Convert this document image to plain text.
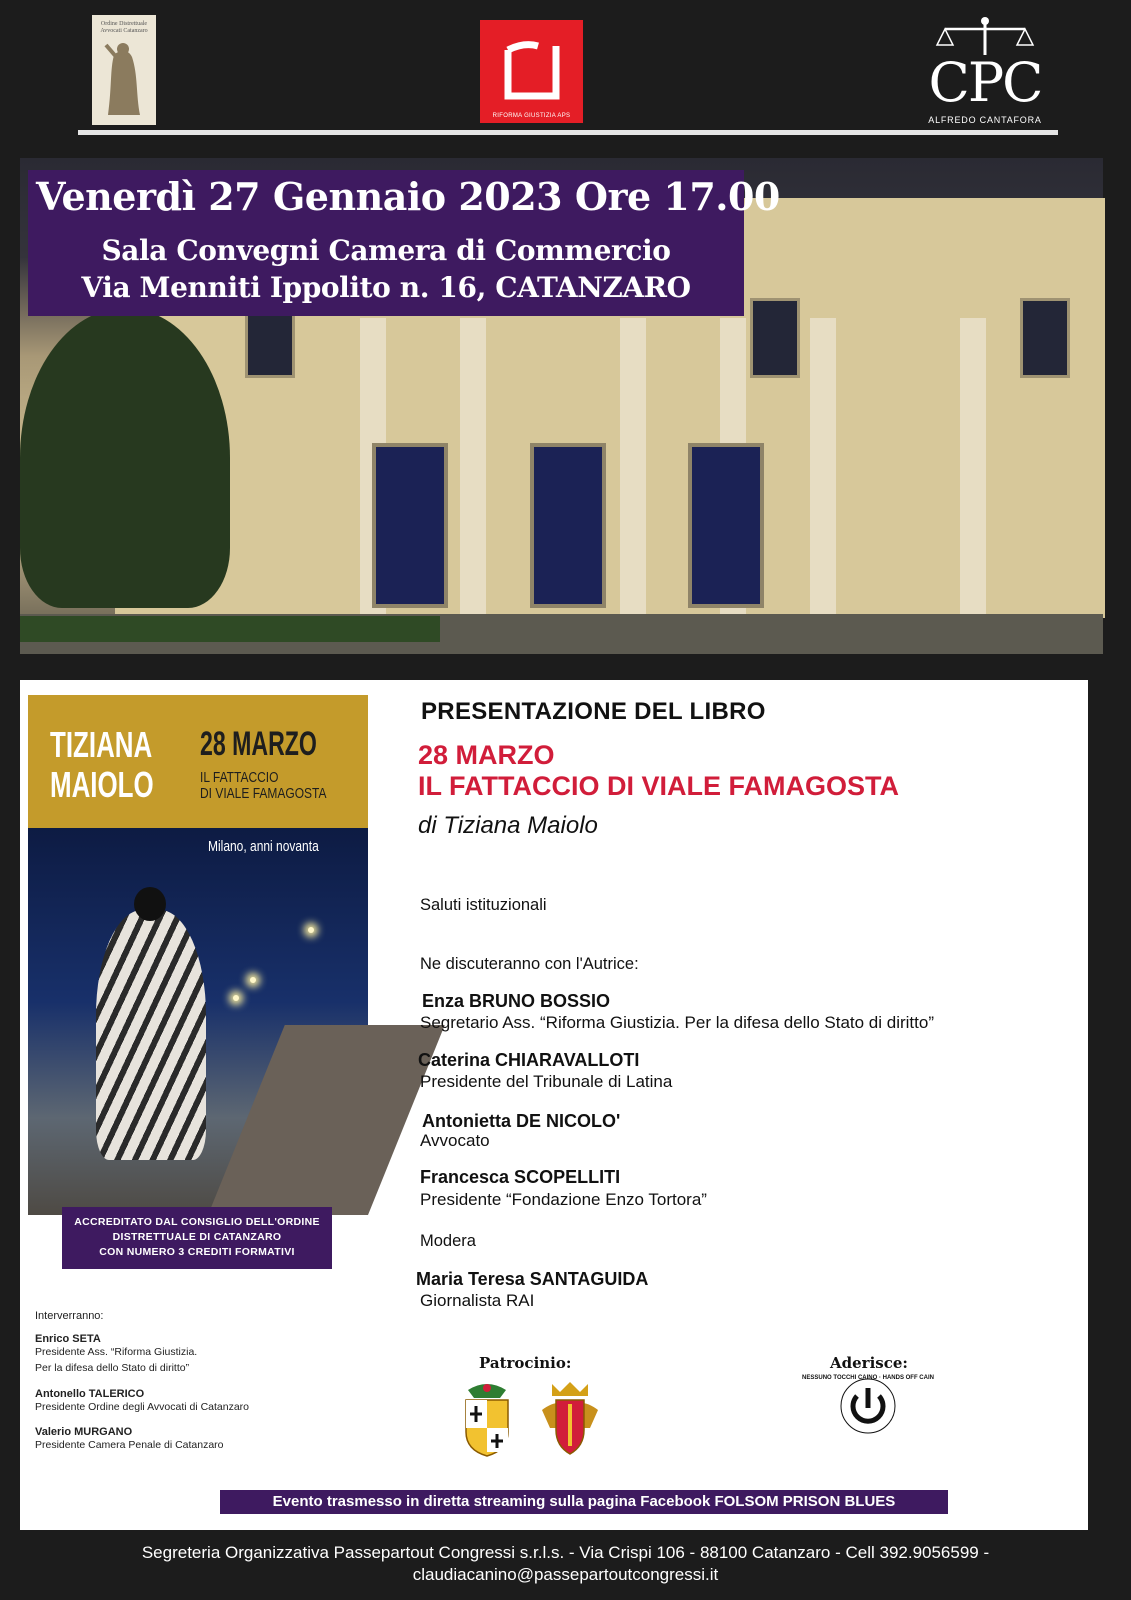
Ordine Distrettuale Avvocati Catanzaro
RIFORMA GIUSTIZIA APS
CPC
ALFREDO CANTAFORA
Venerdì 27 Gennaio 2023 Ore 17.00
Sala Convegni Camera di Commercio
Via Menniti Ippolito n. 16, CATANZARO
TIZIANA
MAIOLO
28 MARZO
IL FATTACCIO
DI VIALE FAMAGOSTA
Milano, anni novanta
ACCREDITATO DAL CONSIGLIO DELL'ORDINE
DISTRETTUALE DI CATANZARO
CON NUMERO 3 CREDITI FORMATIVI
Interverranno:
Enrico SETA
Presidente Ass. “Riforma Giustizia.
Per la difesa dello Stato di diritto”
Antonello TALERICO
Presidente Ordine degli Avvocati di Catanzaro
Valerio MURGANO
Presidente Camera Penale di Catanzaro
PRESENTAZIONE DEL LIBRO
28 MARZO
IL FATTACCIO DI VIALE FAMAGOSTA
di Tiziana Maiolo
Saluti istituzionali
Ne discuteranno con l'Autrice:
Enza BRUNO BOSSIO
Segretario Ass. “Riforma Giustizia. Per la difesa dello Stato di diritto”
Caterina CHIARAVALLOTI
Presidente del Tribunale di Latina
Antonietta DE NICOLO'
Avvocato
Francesca SCOPELLITI
Presidente “Fondazione Enzo Tortora”
Modera
Maria Teresa SANTAGUIDA
Giornalista RAI
Patrocinio:	Aderisce:
NESSUNO TOCCHI CAINO · HANDS OFF CAIN
Evento trasmesso in diretta streaming sulla pagina Facebook FOLSOM PRISON BLUES
Segreteria Organizzativa Passepartout Congressi s.r.l.s. - Via Crispi 106 - 88100 Catanzaro - Cell 392.9056599 -
claudiacanino@passepartoutcongressi.it
